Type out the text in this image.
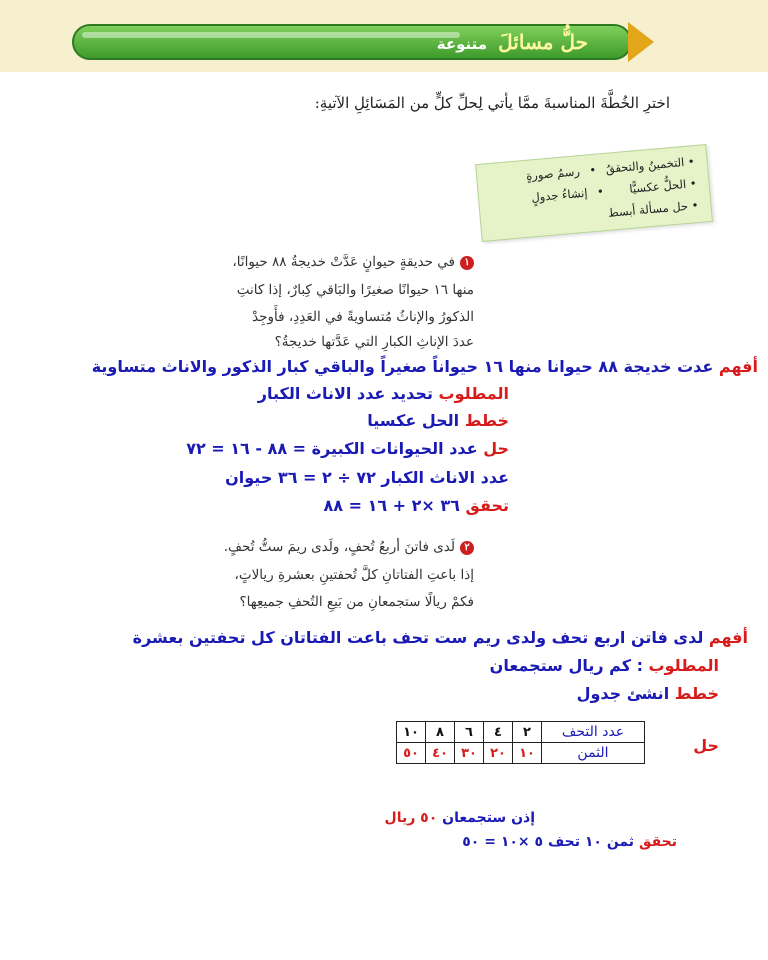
حلُّ مسائلَ متنوعة
اخترِ الخُطَّةَ المناسبةَ ممَّا يأتي لِحلِّ كلٍّ من المَسَائِلِ الآتيةِ:
• التخمينُ والتحققُ • رسمُ صورةٍ
• الحلُّ عكسيًّا • إنشاءُ جدولٍ
• حل مسألة أبسط
١في حديقةٍ حيوانٍ عَدَّتْ خديجةُ ٨٨ حيوانًا،
منها ١٦ حيوانًا صغيرًا والبَاقي كِبارٌ، إذا كانتِ
الذكورُ والإناثُ مُتساويةً في العَدِدِ، فأَوجِدْ
عددَ الإناثِ الكبارِ التي عَدَّتها خديجةُ؟
أفهم عدت خديجة ٨٨ حيوانا منها ١٦ حيواناً صغيراً والباقي كبار الذكور والاناث متساوية
المطلوب تحديد عدد الاناث الكبار
خطط الحل عكسيا
حل عدد الحيوانات الكبيرة = ٨٨ - ١٦ = ٧٢
عدد الاناث الكبار ٧٢ ÷ ٢ = ٣٦ حيوان
تحقق ٣٦ ×٢ + ١٦ = ٨٨
٢لَدى فاتنَ أربعُ تُحفٍ، ولَدى ريمَ ستُّ تُحفٍ.
إذا باعتِ الفتاتانِ كلَّ تُحفتينِ بعشرةِ ريالاتٍ،
فكمْ ريالًا ستجمعانِ من بَيعِ التُحفِ جميعِها؟
أفهم لدى فاتن اربع تحف ولدى ريم ست تحف باعت الفتاتان كل تحفتين بعشرة
المطلوب : كم ريال ستجمعان
خطط انشئ جدول
حل
عدد التحف	٢	٤	٦	٨	١٠
الثمن	١٠	٢٠	٣٠	٤٠	٥٠
إذن ستجمعان ٥٠ ريال
تحقق ثمن ١٠ تحف ٥ ×١٠ = ٥٠
